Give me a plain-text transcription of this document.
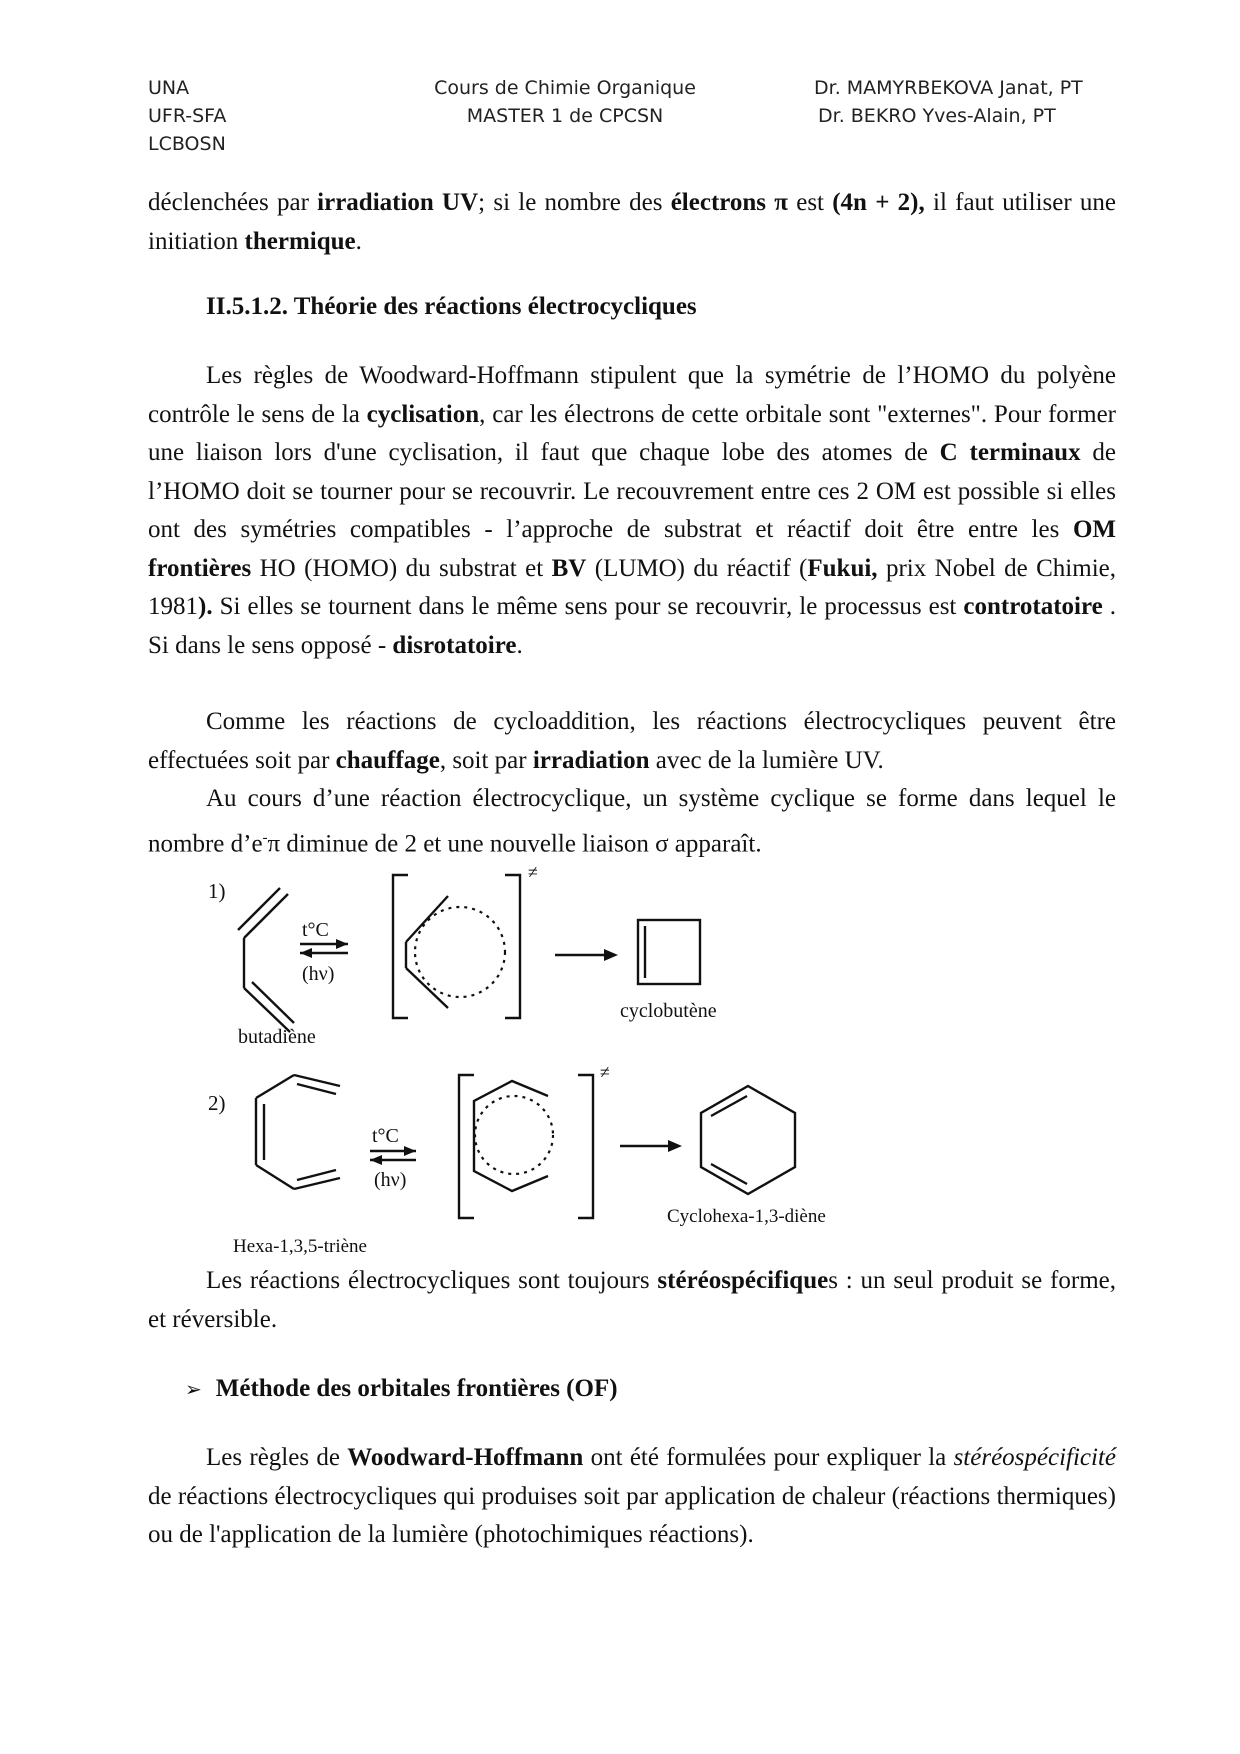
UNA
UFR-SFA
LCBOSN
Cours de Chimie Organique
MASTER 1 de CPCSN
Dr. MAMYRBEKOVA Janat, PT
Dr. BEKRO Yves-Alain, PT
déclenchées par irradiation UV; si le nombre des électrons π est (4n + 2), il faut utiliser une initiation thermique.
II.5.1.2. Théorie des réactions électrocycliques
Les règles de Woodward-Hoffmann stipulent que la symétrie de l’HOMO du polyène contrôle le sens de la cyclisation, car les électrons de cette orbitale sont "externes". Pour former une liaison lors d'une cyclisation, il faut que chaque lobe des atomes de C terminaux de l’HOMO doit se tourner pour se recouvrir. Le recouvrement entre ces 2 OM est possible si elles ont des symétries compatibles - l’approche de substrat et réactif doit être entre les OM frontières HO (HOMO) du substrat et BV (LUMO) du réactif (Fukui, prix Nobel de Chimie, 1981). Si elles se tournent dans le même sens pour se recouvrir, le processus est controtatoire . Si dans le sens opposé - disrotatoire.
Comme les réactions de cycloaddition, les réactions électrocycliques peuvent être effectuées soit par chauffage, soit par irradiation avec de la lumière UV.
Au cours d’une réaction électrocyclique, un système cyclique se forme dans lequel le nombre d’e-π diminue de 2 et une nouvelle liaison σ apparaît.
1)
t°C
(hν)
≠
cyclobutène
butadiène
2)
t°C
(hν)
≠
Cyclohexa-1,3-diène
Hexa-1,3,5-triène
Les réactions électrocycliques sont toujours stéréospécifiques : un seul produit se forme, et réversible.
➢ Méthode des orbitales frontières (OF)
Les règles de Woodward-Hoffmann ont été formulées pour expliquer la stéréospécificité de réactions électrocycliques qui produises soit par application de chaleur (réactions thermiques) ou de l'application de la lumière (photochimiques réactions).
